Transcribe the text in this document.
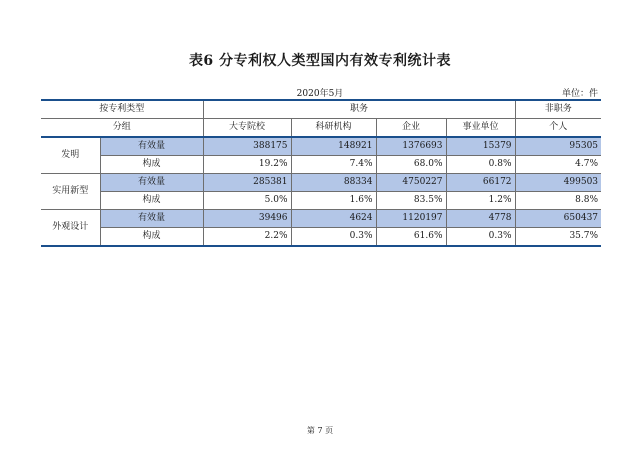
表6 分专利权人类型国内有效专利统计表
2020年5月	单位：件
按专利类型		职务				非职务
分组		大专院校	科研机构	企业	事业单位	个人
发明	有效量	388175	148921	1376693	15379	95305
	构成	19.2%	7.4%	68.0%	0.8%	4.7%
实用新型	有效量	285381	88334	4750227	66172	499503
	构成	5.0%	1.6%	83.5%	1.2%	8.8%
外观设计	有效量	39496	4624	1120197	4778	650437
	构成	2.2%	0.3%	61.6%	0.3%	35.7%
第 7 页
